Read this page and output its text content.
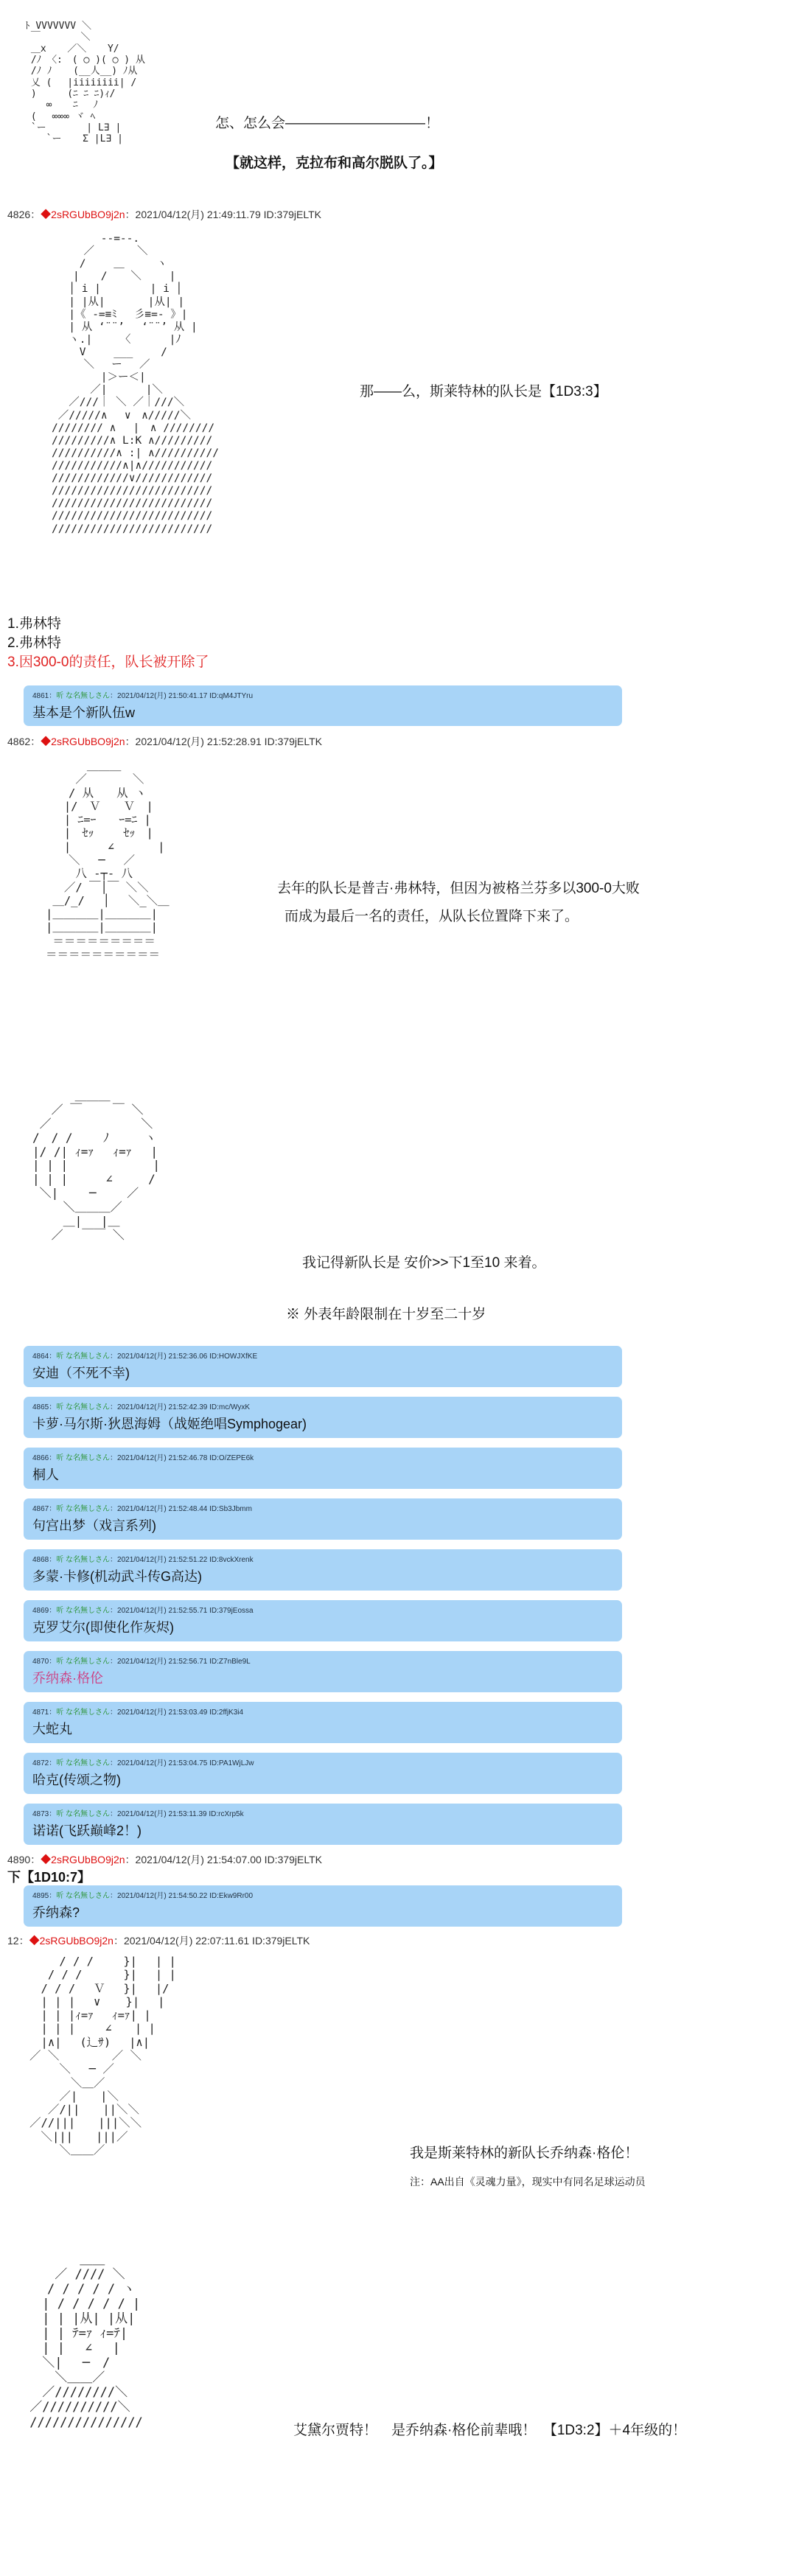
ﾄ VVVVVVV ＼
￣ 　　　 ＼
＿x 　 ／＼ 　 Y/
/ﾉ 〈:　( ◯ )( ◯ ) 从
/ﾉ ﾉ 　 (__人__) ﾉ从
乂 (　 |iiiiiiii| /
) 　　 (ﾆ ﾆ ﾆ)ｨ/
　 ∞ 　 ﾆ　 ﾉ
(　 ∞∞∞ ヾ ﾍ
`ー 　　　 | L∃ |
　 `ー 　 Σ |L∃ |
怎、怎么会——————————！
【就这样，克拉布和高尔脱队了。】
4826：◆2sRGUbBO9j2n：2021/04/12(月) 21:49:11.79 ID:379jELTK
　　　　 -‐=‐-.
　　　／　　　　＼
　　 /　　 ＿　　　ヽ
　　|　　/ 　 ＼　　 |
　 │ i |　　　　 | i │
　 | |从|　　　　|从| |
　 |《 -=≡ﾐ　 彡≡=- 》|
　 | 从 ‘¨¨’　 ‘¨¨’ 从 |
　 ヽ.|　　 〈　　　 |ﾉ
　　 V　　 ___　　 /
　　　＼　 ー　 ／
　　　　 |＞ー＜|
　　　 ／|　　　 |＼
　 ／///｜ ＼ ／｜///＼
／/////∧　 ∨　∧/////＼
//////// ∧　 |　∧ ////////
/////////∧ L:K ∧/////////
//////////∧ :| ∧//////////
///////////∧|∧///////////
////////////∨////////////
/////////////////////////
/////////////////////////
/////////////////////////
/////////////////////////
那——么，斯莱特林的队长是【1D3:3】
1.弗林特
2.弗林特
3.因300-0的责任，队长被开除了
4861：听 な名無しさん：2021/04/12(月) 21:50:41.17 ID:qM4JTYru
基本是个新队伍w
4862：◆2sRGUbBO9j2n：2021/04/12(月) 21:52:28.91 ID:379jELTK
　　　 ＿＿＿
　　 ／　　　　＼
　　/ 从　　从 ヽ
　 |/　Ｖ　　Ｖ　|
　 | ﾆ=ｰ　　ｰ=ﾆ |
　 |　ｾｯ　 　ｾｯ　|
　 |　 　 ∠ 　 　 |
　　＼　 ─　 ／
　　 八 ‐┬‐ 八
　 ／/ ￣│￣ ＼＼
＿/_/　 │ 　＼_＼＿
|＿＿＿＿|＿＿＿＿|
|＿＿＿＿|＿＿＿＿|
＝＝＝＝＝＝＝＝＝
＝＝＝＝＝＝＝＝＝＝
去年的队长是普吉·弗林特，但因为被格兰芬多以300-0大败
而成为最后一名的责任，从队长位置降下来了。
　　　　 ＿＿＿
　　 ／ ￣　　 ￣ ＼
　 ／　　　　　　　 ＼
　/　/ /　　 ﾉ　　　ヽ
　|/ /| ｨ=ｧ　 ｨ=ｧ　 |
　| | |　　　 　　 　|
　| | |　 　 ∠　　　/
　 ＼|　　 ─　　 ／
　　　 ＼＿＿＿／
　　　 ＿|　 |＿
　　 ／ 　￣￣ ＼
我记得新队长是 安价>>下1至10 来着。
※ 外表年龄限制在十岁至二十岁
4864：听 な名無しさん：2021/04/12(月) 21:52:36.06 ID:HOWJXfKE
安迪（不死不幸)
4865：听 な名無しさん：2021/04/12(月) 21:52:42.39 ID:mc/WyxK
卡萝·马尔斯·狄恩海姆（战姬绝唱Symphogear)
4866：听 な名無しさん：2021/04/12(月) 21:52:46.78 ID:O/ZEPE6k
桐人
4867：听 な名無しさん：2021/04/12(月) 21:52:48.44 ID:Sb3Jbmm
句宫出梦（戏言系列)
4868：听 な名無しさん：2021/04/12(月) 21:52:51.22 ID:8vckXrenk
多蒙·卡修(机动武斗传G高达)
4869：听 な名無しさん：2021/04/12(月) 21:52:55.71 ID:379jEossa
克罗艾尔(即使化作灰烬)
4870：听 な名無しさん：2021/04/12(月) 21:52:56.71 ID:Z7nBle9L
乔纳森·格伦
4871：听 な名無しさん：2021/04/12(月) 21:53:03.49 ID:2ffjK3i4
大蛇丸
4872：听 な名無しさん：2021/04/12(月) 21:53:04.75 ID:PA1WjLJw
哈克(传颂之物)
4873：听 な名無しさん：2021/04/12(月) 21:53:11.39 ID:rcXrp5k
诺诺(飞跃巅峰2！)
4890：◆2sRGUbBO9j2n：2021/04/12(月) 21:54:07.00 ID:379jELTK
下【1D10:7】
4895：听 な名無しさん：2021/04/12(月) 21:54:50.22 ID:Ekw9Rr00
乔纳森?
12：◆2sRGUbBO9j2n：2021/04/12(月) 22:07:11.61 ID:379jELTK
　　 / / /　　 }|　 | |
　 / / /　　　 }|　 | |
　/ / /　 Ｖ　 }|　 |/
　| | |　 ∨ 　 }|　 |
　| | |ｨ=ｧ　 ｨ=ｧ| |
　| | |　　 ∠　　| |
　|∧|　 (辶ｻ)　 |∧|
／ ＼　　　　 ／ ＼
　　 ＼　 ─ ／
　　　 ＼＿／
　　 ／|　　|＼
　 ／/||　　||＼＼
／//|||　　|||＼＼
　＼|||　　|||／
　　 ＼＿＿／	我是斯莱特林的新队长乔纳森·格伦！
注：AA出自《灵魂力量》，现实中有同名足球运动员
　　　　 ＿＿
　　 ／ //// ＼
　　/ / / / / ヽ
　 | / / / / / |
　 | | |从| |从|
　 | | ﾃ=ｧ ｨ=ﾃ|
　 | |　 ∠　 |
　 ＼|　 ─　/
　　 ＼＿＿／
　 ／////////＼
／//////////＼
///////////////
艾黛尔贾特！　是乔纳森·格伦前辈哦！　【1D3:2】＋4年级的！
